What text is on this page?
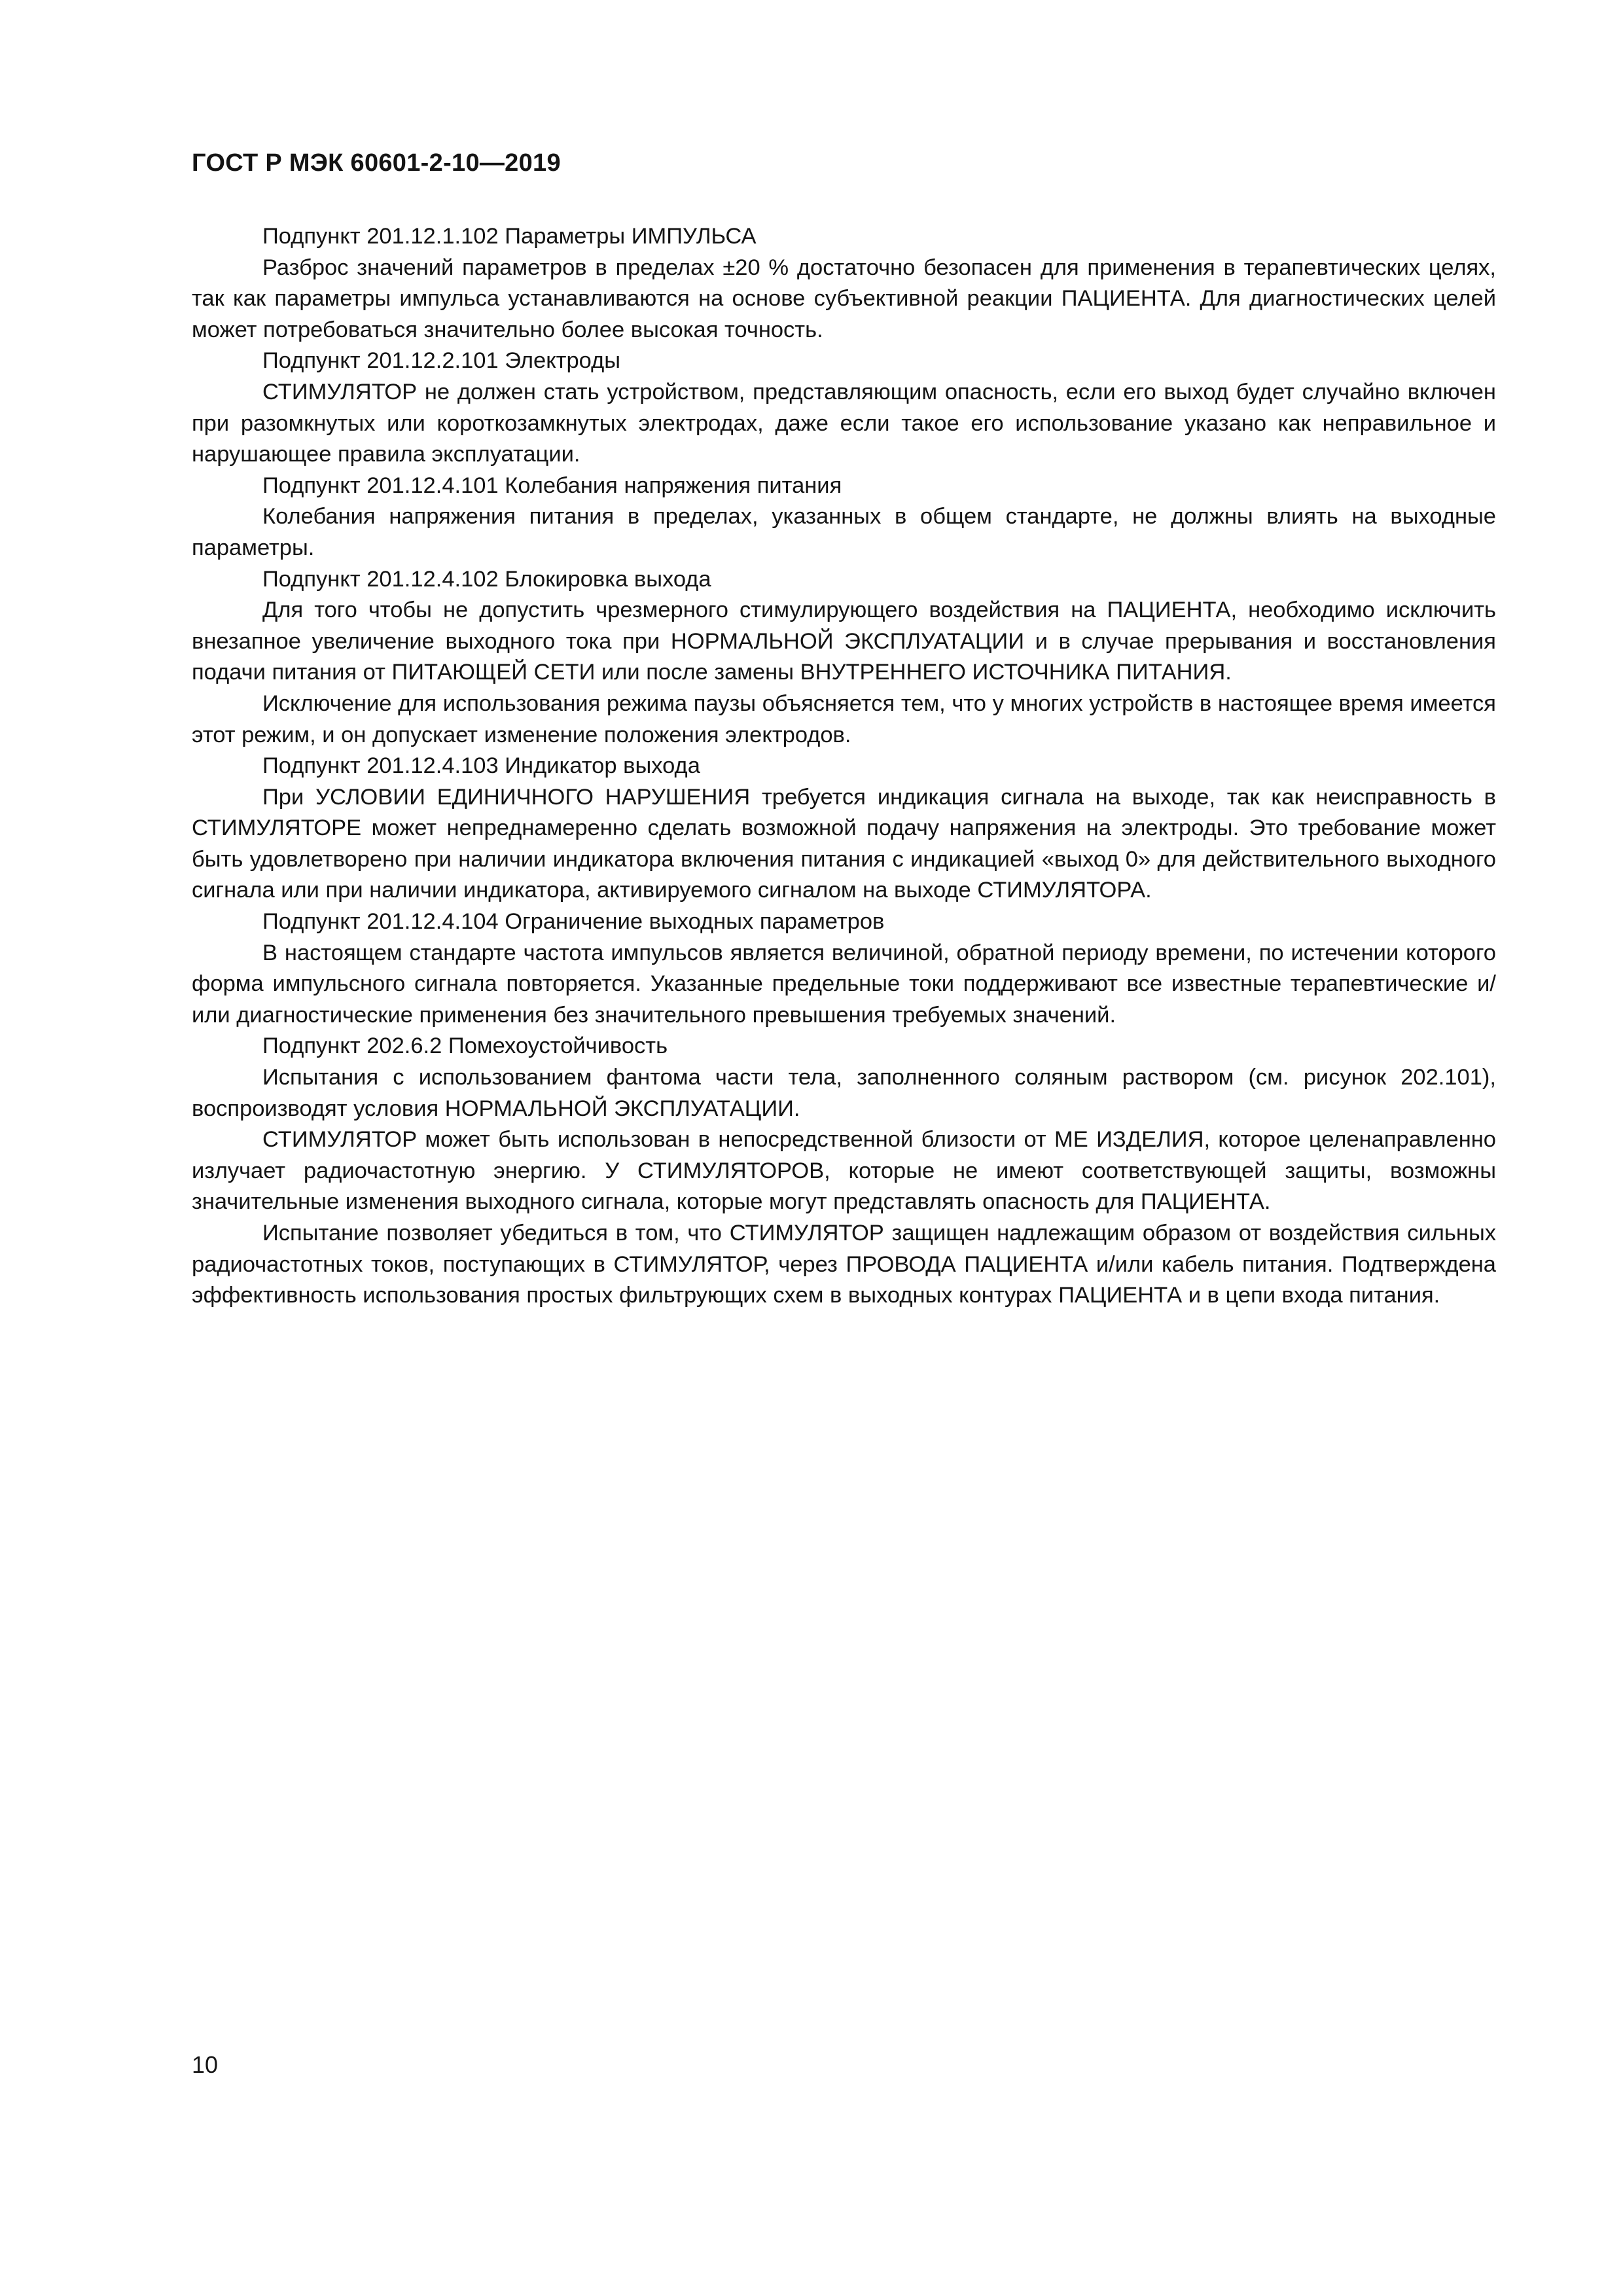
ГОСТ Р МЭК 60601-2-10—2019

Подпункт 201.12.1.102 Параметры ИМПУЛЬСА

Разброс значений параметров в пределах ±20 % достаточно безопасен для применения в терапевтических целях, так как параметры импульса устанавливаются на основе субъективной реакции ПАЦИЕНТА. Для диагностических целей может потребоваться значительно более высокая точность.

Подпункт 201.12.2.101 Электроды

СТИМУЛЯТОР не должен стать устройством, представляющим опасность, если его выход будет случайно включен при разомкнутых или короткозамкнутых электродах, даже если такое его использование указано как неправильное и нарушающее правила эксплуатации.

Подпункт 201.12.4.101 Колебания напряжения питания

Колебания напряжения питания в пределах, указанных в общем стандарте, не должны влиять на выходные параметры.

Подпункт 201.12.4.102 Блокировка выхода

Для того чтобы не допустить чрезмерного стимулирующего воздействия на ПАЦИЕНТА, необходимо исключить внезапное увеличение выходного тока при НОРМАЛЬНОЙ ЭКСПЛУАТАЦИИ и в случае прерывания и восстановления подачи питания от ПИТАЮЩЕЙ СЕТИ или после замены ВНУТРЕННЕГО ИСТОЧНИКА ПИТАНИЯ.

Исключение для использования режима паузы объясняется тем, что у многих устройств в настоящее время имеется этот режим, и он допускает изменение положения электродов.

Подпункт 201.12.4.103 Индикатор выхода

При УСЛОВИИ ЕДИНИЧНОГО НАРУШЕНИЯ требуется индикация сигнала на выходе, так как неисправность в СТИМУЛЯТОРЕ может непреднамеренно сделать возможной подачу напряжения на электроды. Это требование может быть удовлетворено при наличии индикатора включения питания с индикацией «выход 0» для действительного выходного сигнала или при наличии индикатора, активируемого сигналом на выходе СТИМУЛЯТОРА.

Подпункт 201.12.4.104 Ограничение выходных параметров

В настоящем стандарте частота импульсов является величиной, обратной периоду времени, по истечении которого форма импульсного сигнала повторяется. Указанные предельные токи поддерживают все известные терапевтические и/или диагностические применения без значительного превышения требуемых значений.

Подпункт 202.6.2 Помехоустойчивость

Испытания с использованием фантома части тела, заполненного соляным раствором (см. рисунок 202.101), воспроизводят условия НОРМАЛЬНОЙ ЭКСПЛУАТАЦИИ.

СТИМУЛЯТОР может быть использован в непосредственной близости от МЕ ИЗДЕЛИЯ, которое целенаправленно излучает радиочастотную энергию. У СТИМУЛЯТОРОВ, которые не имеют соответствующей защиты, возможны значительные изменения выходного сигнала, которые могут представлять опасность для ПАЦИЕНТА.

Испытание позволяет убедиться в том, что СТИМУЛЯТОР защищен надлежащим образом от воздействия сильных радиочастотных токов, поступающих в СТИМУЛЯТОР, через ПРОВОДА ПАЦИЕНТА и/или кабель питания. Подтверждена эффективность использования простых фильтрующих схем в выходных контурах ПАЦИЕНТА и в цепи входа питания.

10
